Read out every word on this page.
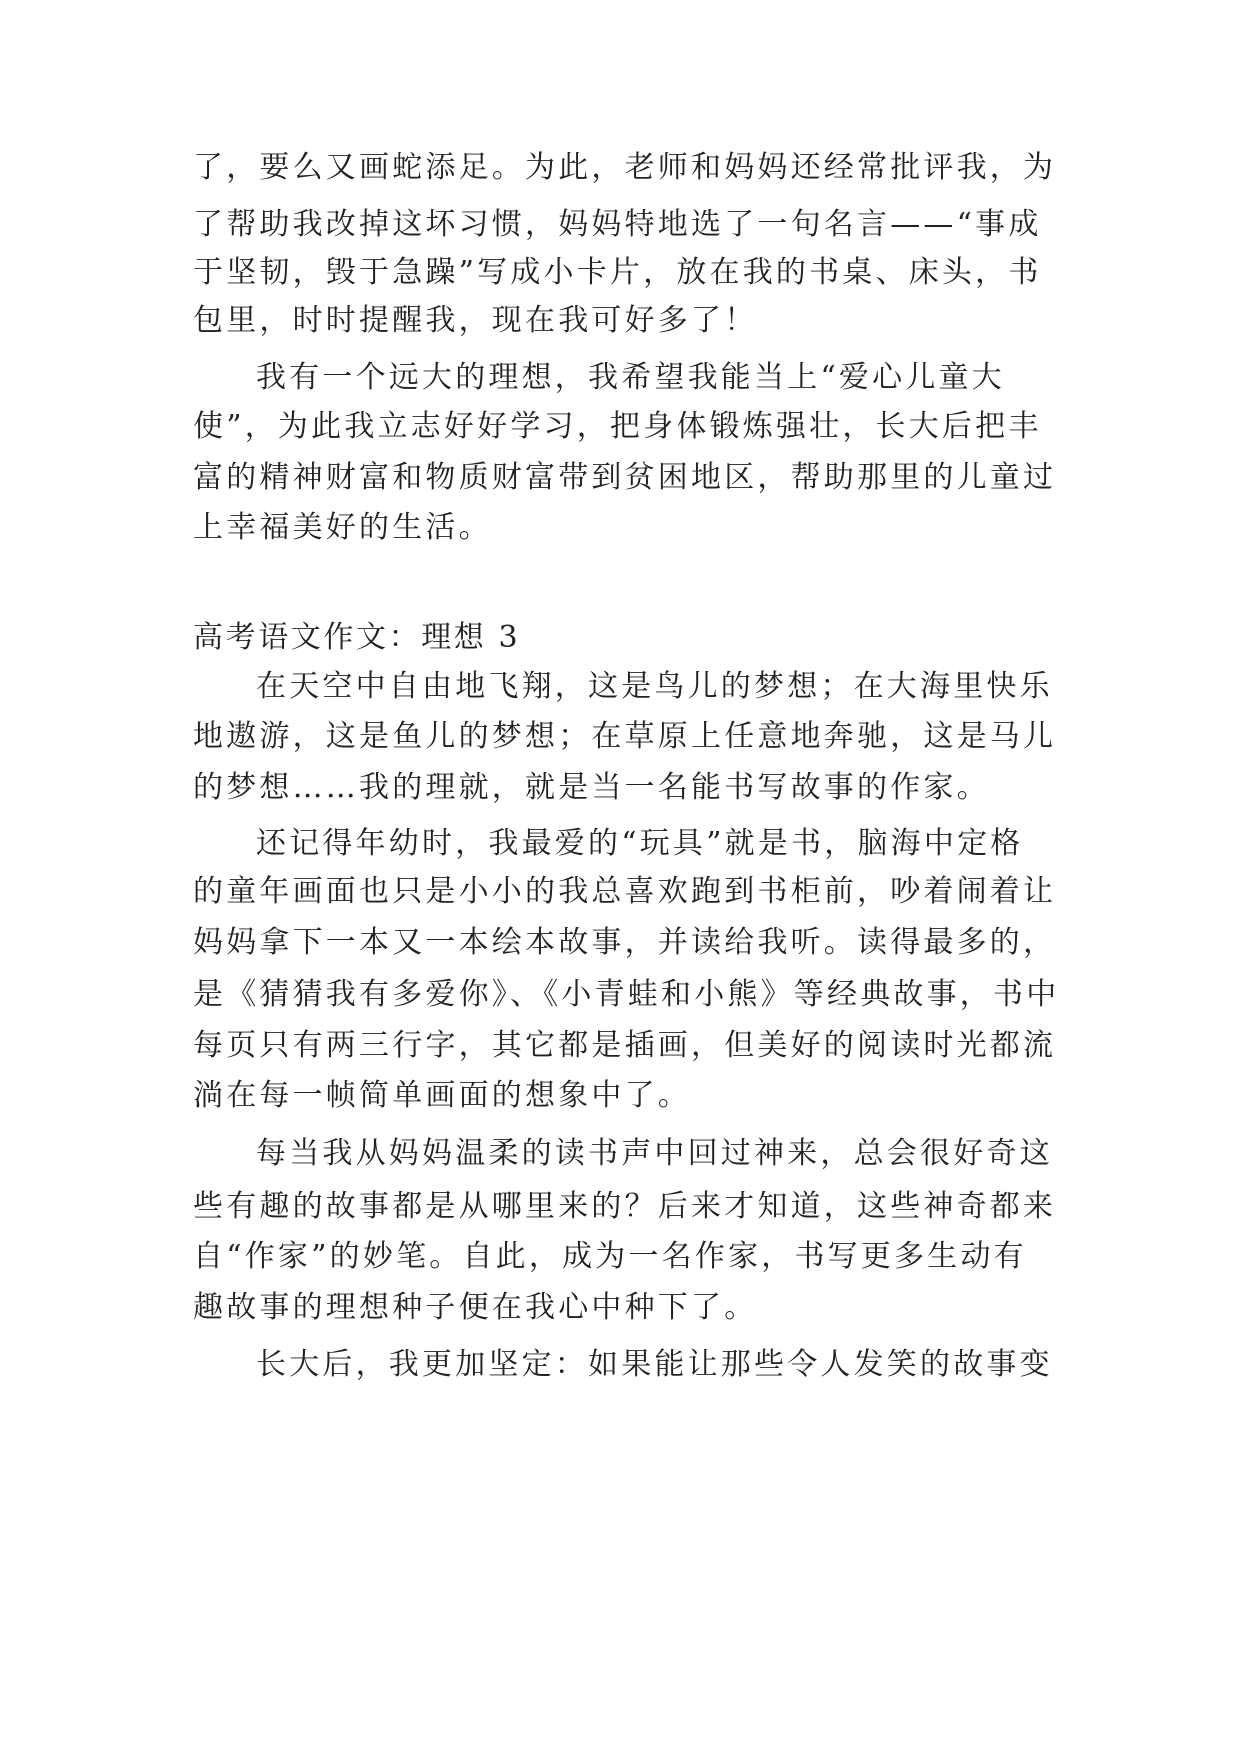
了，要么又画蛇添足。为此，老师和妈妈还经常批评我，为
了帮助我改掉这坏习惯，妈妈特地选了一句名言——“事成
于坚韧，毁于急躁”写成小卡片，放在我的书桌、床头，书
包里，时时提醒我，现在我可好多了！
我有一个远大的理想，我希望我能当上“爱心儿童大
使”，为此我立志好好学习，把身体锻炼强壮，长大后把丰
富的精神财富和物质财富带到贫困地区，帮助那里的儿童过
上幸福美好的生活。
高考语文作文：理想 3
在天空中自由地飞翔，这是鸟儿的梦想；在大海里快乐
地遨游，这是鱼儿的梦想；在草原上任意地奔驰，这是马儿
的梦想……我的理就，就是当一名能书写故事的作家。
还记得年幼时，我最爱的“玩具”就是书，脑海中定格
的童年画面也只是小小的我总喜欢跑到书柜前，吵着闹着让
妈妈拿下一本又一本绘本故事，并读给我听。读得最多的，
是《猜猜我有多爱你》、《小青蛙和小熊》等经典故事，书中
每页只有两三行字，其它都是插画，但美好的阅读时光都流
淌在每一帧简单画面的想象中了。
每当我从妈妈温柔的读书声中回过神来，总会很好奇这
些有趣的故事都是从哪里来的？后来才知道，这些神奇都来
自“作家”的妙笔。自此，成为一名作家，书写更多生动有
趣故事的理想种子便在我心中种下了。
长大后，我更加坚定：如果能让那些令人发笑的故事变
